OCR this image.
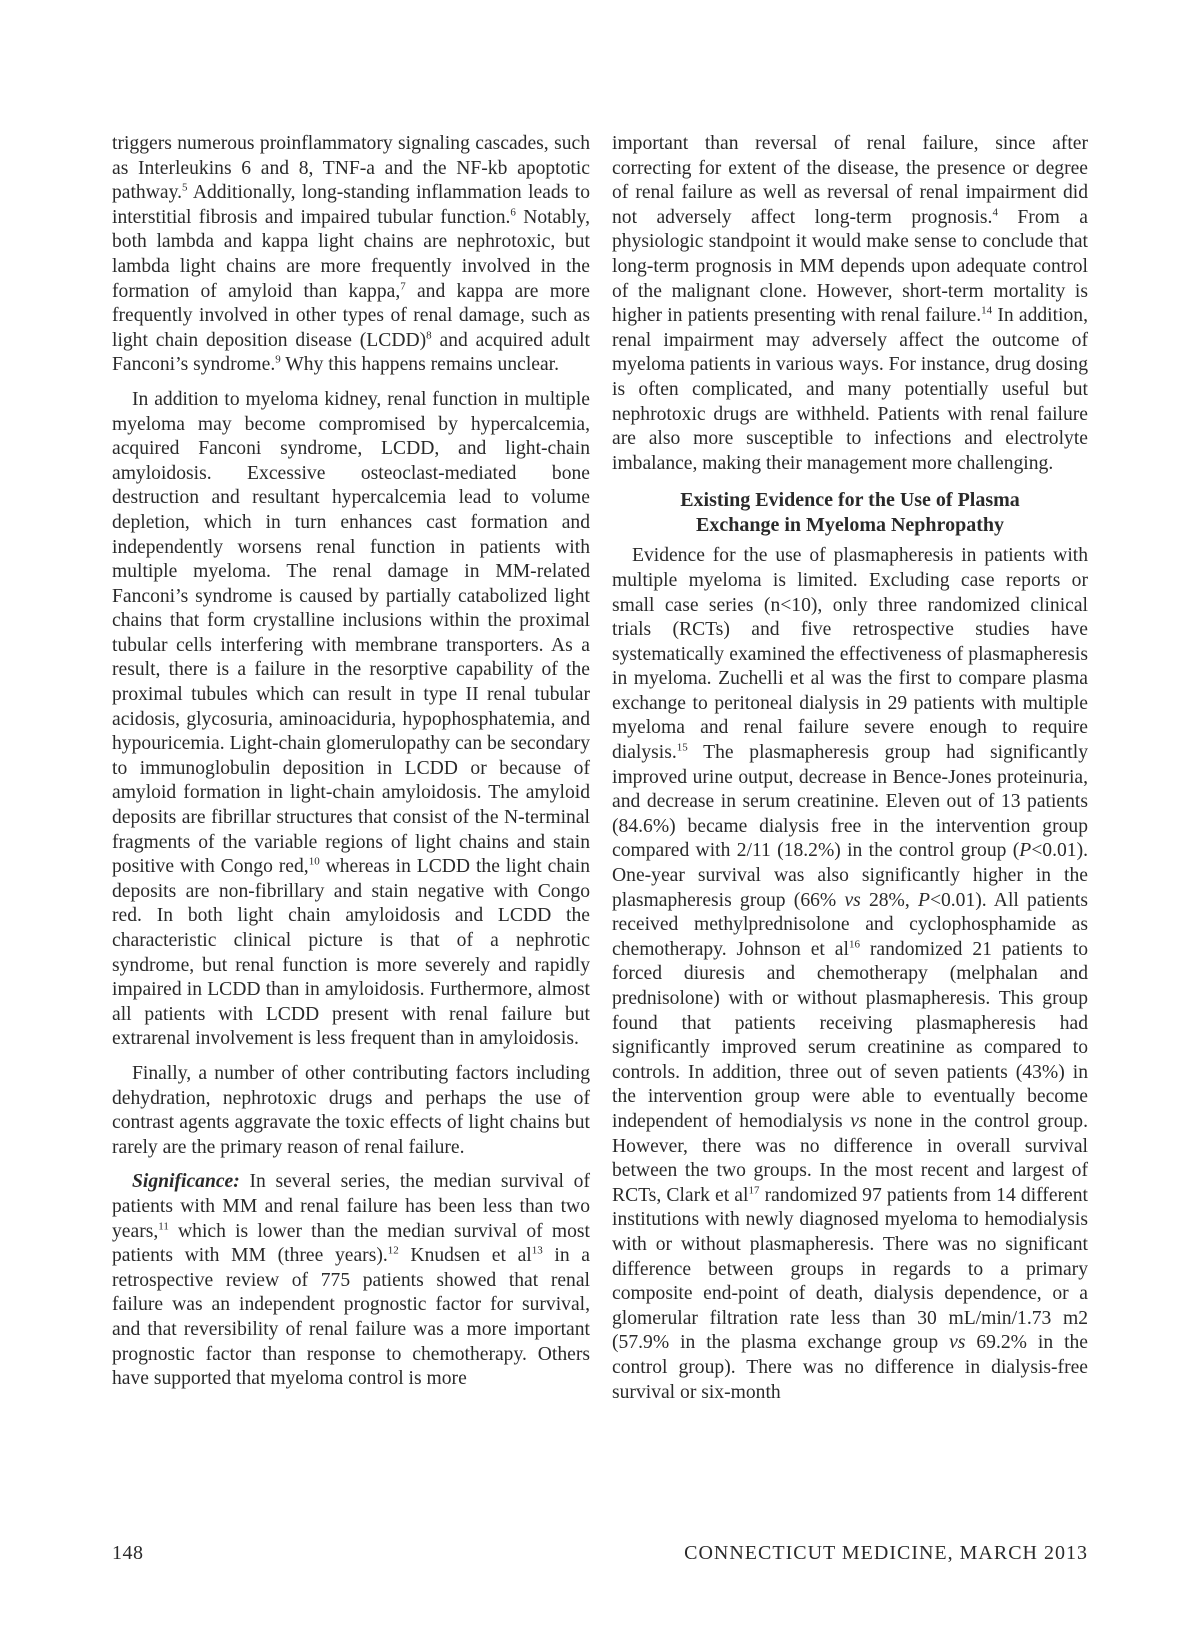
triggers numerous proinflammatory signaling cascades, such as Interleukins 6 and 8, TNF-a and the NF-kb apoptotic pathway.$^5$ Additionally, long-standing inflammation leads to interstitial fibrosis and impaired tubular function.$^6$ Notably, both lambda and kappa light chains are nephrotoxic, but lambda light chains are more frequently involved in the formation of amyloid than kappa,$^7$ and kappa are more frequently involved in other types of renal damage, such as light chain deposition disease (LCDD)$^8$ and acquired adult Fanconi’s syndrome.$^9$ Why this happens remains unclear.

In addition to myeloma kidney, renal function in multiple myeloma may become compromised by hypercalcemia, acquired Fanconi syndrome, LCDD, and light-chain amyloidosis. Excessive osteoclast-mediated bone destruction and resultant hypercalcemia lead to volume depletion, which in turn enhances cast formation and independently worsens renal function in patients with multiple myeloma. The renal damage in MM-related Fanconi’s syndrome is caused by partially catabolized light chains that form crystalline inclusions within the proximal tubular cells interfering with membrane transporters. As a result, there is a failure in the resorptive capability of the proximal tubules which can result in type II renal tubular acidosis, glycosuria, aminoaciduria, hypophosphatemia, and hypouricemia. Light-chain glomerulopathy can be secondary to immunoglobulin deposition in LCDD or because of amyloid formation in light-chain amyloidosis. The amyloid deposits are fibrillar structures that consist of the N-terminal fragments of the variable regions of light chains and stain positive with Congo red,$^{10}$ whereas in LCDD the light chain deposits are non-fibrillary and stain negative with Congo red. In both light chain amyloidosis and LCDD the characteristic clinical picture is that of a nephrotic syndrome, but renal function is more severely and rapidly impaired in LCDD than in amyloidosis. Furthermore, almost all patients with LCDD present with renal failure but extrarenal involvement is less frequent than in amyloidosis.

Finally, a number of other contributing factors including dehydration, nephrotoxic drugs and perhaps the use of contrast agents aggravate the toxic effects of light chains but rarely are the primary reason of renal failure.

Significance: In several series, the median survival of patients with MM and renal failure has been less than two years,$^{11}$ which is lower than the median survival of most patients with MM (three years).$^{12}$ Knudsen et $al^{13}$ in a retrospective review of 775 patients showed that renal failure was an independent prognostic factor for survival, and that reversibility of renal failure was a more important prognostic factor than response to chemotherapy. Others have supported that myeloma control is more

important than reversal of renal failure, since after correcting for extent of the disease, the presence or degree of renal failure as well as reversal of renal impairment did not adversely affect long-term prognosis.$^4$ From a physiologic standpoint it would make sense to conclude that long-term prognosis in MM depends upon adequate control of the malignant clone. However, short-term mortality is higher in patients presenting with renal failure.$^{14}$ In addition, renal impairment may adversely affect the outcome of myeloma patients in various ways. For instance, drug dosing is often complicated, and many potentially useful but nephrotoxic drugs are withheld. Patients with renal failure are also more susceptible to infections and electrolyte imbalance, making their management more challenging.

Existing Evidence for the Use of Plasma
Exchange in Myeloma Nephropathy

Evidence for the use of plasmapheresis in patients with multiple myeloma is limited. Excluding case reports or small case series (n<10), only three randomized clinical trials (RCTs) and five retrospective studies have systematically examined the effectiveness of plasmapheresis in myeloma. Zuchelli et al was the first to compare plasma exchange to peritoneal dialysis in 29 patients with multiple myeloma and renal failure severe enough to require dialysis.$^{15}$ The plasmapheresis group had significantly improved urine output, decrease in Bence-Jones proteinuria, and decrease in serum creatinine. Eleven out of 13 patients (84.6%) became dialysis free in the intervention group compared with 2/11 (18.2%) in the control group (P<0.01). One-year survival was also significantly higher in the plasmapheresis group (66% vs 28%, P<0.01). All patients received methylprednisolone and cyclophosphamide as chemotherapy. Johnson et $al^{16}$ randomized 21 patients to forced diuresis and chemotherapy (melphalan and prednisolone) with or without plasmapheresis. This group found that patients receiving plasmapheresis had significantly improved serum creatinine as compared to controls. In addition, three out of seven patients (43%) in the intervention group were able to eventually become independent of hemodialysis vs none in the control group. However, there was no difference in overall survival between the two groups. In the most recent and largest of RCTs, Clark et $al^{17}$ randomized 97 patients from 14 different institutions with newly diagnosed myeloma to hemodialysis with or without plasmapheresis. There was no significant difference between groups in regards to a primary composite end-point of death, dialysis dependence, or a glomerular filtration rate less than 30 mL/min/1.73 m2 (57.9% in the plasma exchange group vs 69.2% in the control group). There was no difference in dialysis-free survival or six-month

148	CONNECTICUT MEDICINE, MARCH 2013
